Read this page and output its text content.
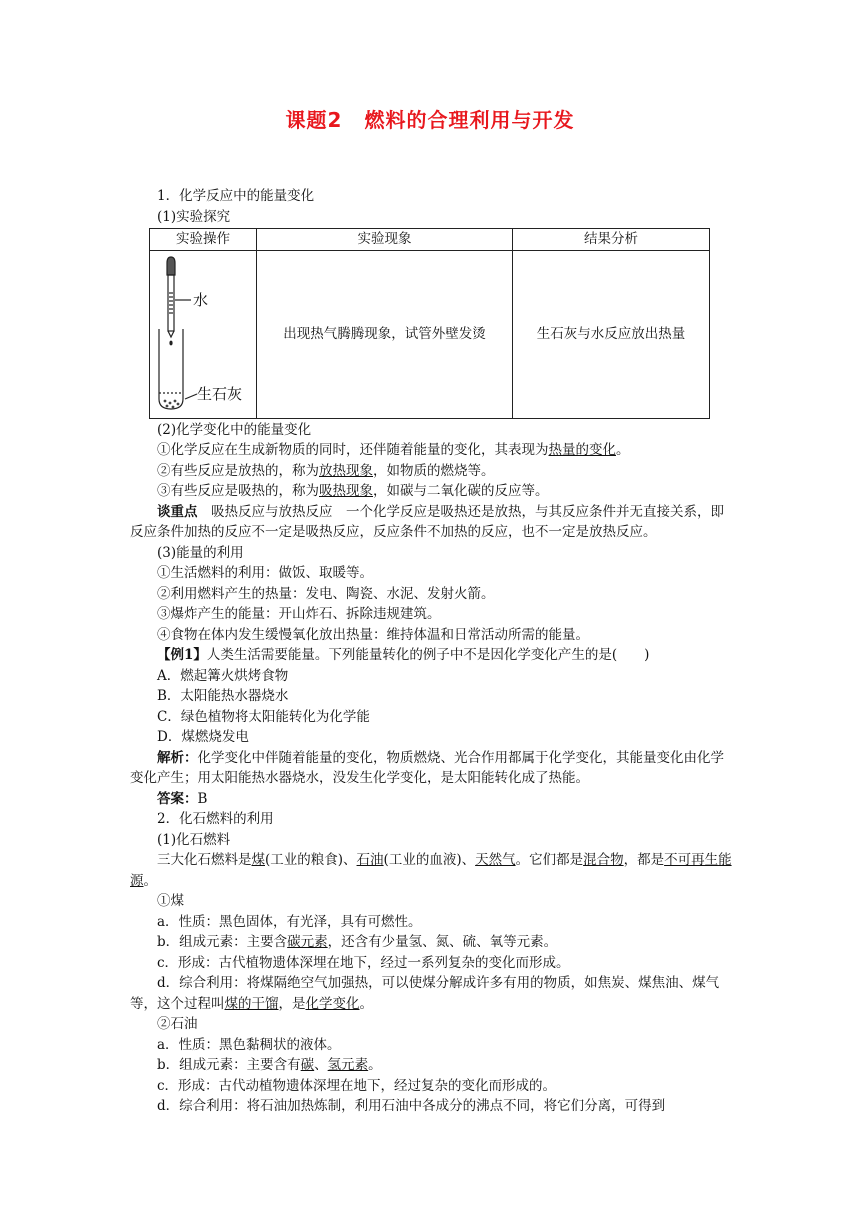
课题2 燃料的合理利用与开发

1．化学反应中的能量变化

(1)实验探究

实验操作	实验现象	结果分析

水
生石灰	出现热气腾腾现象，试管外壁发烫	生石灰与水反应放出热量

(2)化学变化中的能量变化

①化学反应在生成新物质的同时，还伴随着能量的变化，其表现为热量的变化。

②有些反应是放热的，称为放热现象，如物质的燃烧等。

③有些反应是吸热的，称为吸热现象，如碳与二氧化碳的反应等。

谈重点　吸热反应与放热反应　一个化学反应是吸热还是放热，与其反应条件并无直接关系，即反应条件加热的反应不一定是吸热反应，反应条件不加热的反应，也不一定是放热反应。

(3)能量的利用

①生活燃料的利用：做饭、取暖等。

②利用燃料产生的热量：发电、陶瓷、水泥、发射火箭。

③爆炸产生的能量：开山炸石、拆除违规建筑。

④食物在体内发生缓慢氧化放出热量：维持体温和日常活动所需的能量。

【例1】人类生活需要能量。下列能量转化的例子中不是因化学变化产生的是(　　)

A．燃起篝火烘烤食物

B．太阳能热水器烧水

C．绿色植物将太阳能转化为化学能

D．煤燃烧发电

解析：化学变化中伴随着能量的变化，物质燃烧、光合作用都属于化学变化，其能量变化由化学变化产生；用太阳能热水器烧水，没发生化学变化，是太阳能转化成了热能。

答案：B

2．化石燃料的利用

(1)化石燃料

三大化石燃料是煤(工业的粮食)、石油(工业的血液)、天然气。它们都是混合物，都是不可再生能源。

①煤

a．性质：黑色固体，有光泽，具有可燃性。

b．组成元素：主要含碳元素，还含有少量氢、氮、硫、氧等元素。

c．形成：古代植物遗体深埋在地下，经过一系列复杂的变化而形成。

d．综合利用：将煤隔绝空气加强热，可以使煤分解成许多有用的物质，如焦炭、煤焦油、煤气等，这个过程叫煤的干馏，是化学变化。

②石油

a．性质：黑色黏稠状的液体。

b．组成元素：主要含有碳、氢元素。

c．形成：古代动植物遗体深埋在地下，经过复杂的变化而形成的。

d．综合利用：将石油加热炼制，利用石油中各成分的沸点不同，将它们分离，可得到
